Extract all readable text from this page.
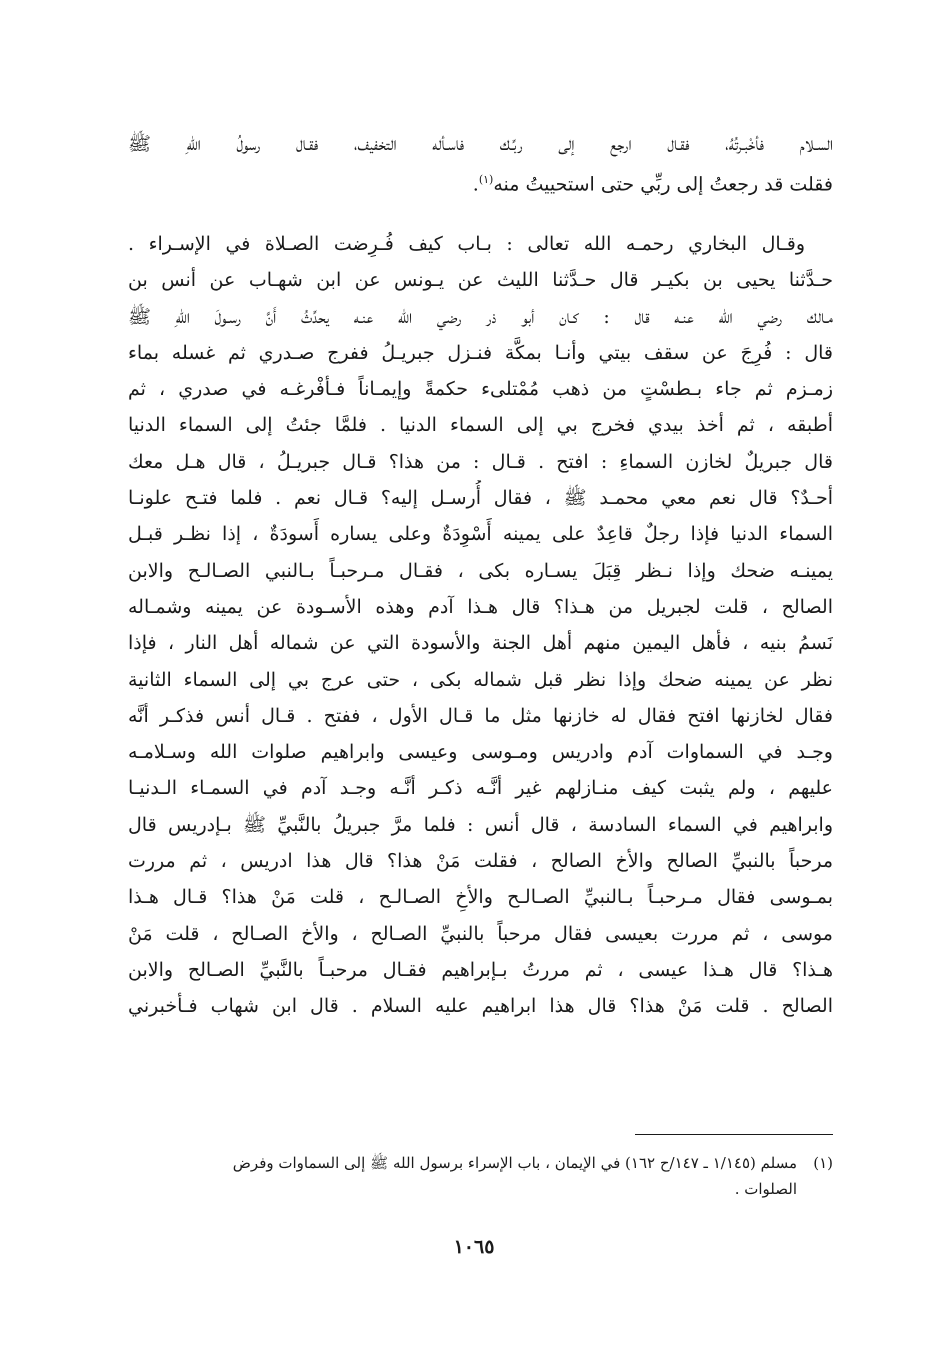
السـلام فأخْبـرتُهُ، فقـال ارجع إلى ربِّـك فاسـأله التخفيف، فقـال رسولُ اللهِ ﷺ
فقلت قد رجعتُ إلى ربِّي حتى استحييتُ منه$^{(١)}$.
وقـال البخاري رحمـه الله تعالى : بـاب كيف فُـرِضت الصـلاة في الإسـراء .
حـدَّثنا يحيى بن بكيـر قال حـدَّثنا الليث عن يـونس عن ابن شهـاب عن أنس بن
مـالك رضي الله عنـه قال : كـان أبو ذر رضي الله عنـه يحدِّثُ أَنَّ رسـولَ اللهِ ﷺ
قال : فُرِجَ عن سقف بيتي وأنـا بمكَّة فنـزل جبريـلُ ففرج صـدري ثم غسله بماء
زمـزم ثم جاء بـطسْتٍ من ذهب مُمْتلىء حكمةً وإيمـاناً فـأفْرغـه في صدري ، ثم
أطبقه ، ثم أخذ بيدي فخرج بي إلى السماء الدنيا . فلمَّا جئتُ إلى السماء الدنيا
قال جبريلٌ لخازن السماءِ : افتح . قـال : من هذا؟ قـال جبريـلُ ، قال هـل معك
أحـدٌ؟ قال نعم معي محمـد ﷺ ، فقال أُرسـل إليه؟ قـال نعم . فلما فتـح علونـا
السماء الدنيا فإذا رجلٌ قاعِدٌ على يمينه أَسْوِدَةٌ وعلى يساره أَسودَةٌ ، إذا نظـر قبـل
يمينـه ضحك وإذا نـظر قِبَلَ يسـاره بكى ، فقـال مـرحبـاً بـالنبي الصـالـح والابن
الصالح ، قلت لجبريل من هـذا؟ قال هـذا آدم وهذه الأسـودة عن يمينه وشمـاله
نَسمُ بنيه ، فأهل اليمين منهم أهل الجنة والأسودة التي عن شماله أهل النار ، فإذا
نظر عن يمينه ضحك وإذا نظر قبل شماله بكى ، حتى عرج بي إلى السماء الثانية
فقال لخازنها افتح فقال له خازنها مثل ما قـال الأول ، ففتح . قـال أنس فذكـر أنَّه
وجـد في السماوات آدم وادريس ومـوسى وعيسى وابراهيم صلوات الله وسـلامـه
عليهم ، ولم يثبت كيف منـازلهم غير أنَّـه ذكـر أنَّـه وجـد آدم في السمـاء الـدنيـا
وابراهيم في السماء السادسة ، قال أنس : فلما مرَّ جبريلُ بالنَّبيِّ ﷺ بـإدريس قال
مرحباً بالنبيِّ الصالح والأخ الصالح ، فقلت مَنْ هذا؟ قال هذا ادريس ، ثم مررت
بمـوسى فقال مـرحبـاً بـالنبيِّ الصـالـح والأخِ الصـالـح ، قلت مَنْ هذا؟ قـال هـذا
موسى ، ثم مررت بعيسى فقال مرحباً بالنبيِّ الصـالح ، والأخ الصـالح ، قلت مَنْ
هـذا؟ قال هـذا عيسى ، ثم مررتُ بـإبراهيم فقـال مرحبـاً بالنَّبيِّ الصـالح والابن
الصالح . قلت مَنْ هذا؟ قال هذا ابراهيم عليه السلام . قال ابن شهاب فـأخبرني
(١)مسلم (١/١٤٥ ـ ١٤٧/ح ١٦٢) في الإيمان ، باب الإسراء برسول الله ﷺ إلى السماوات وفرض
الصلوات .
١٠٦٥
